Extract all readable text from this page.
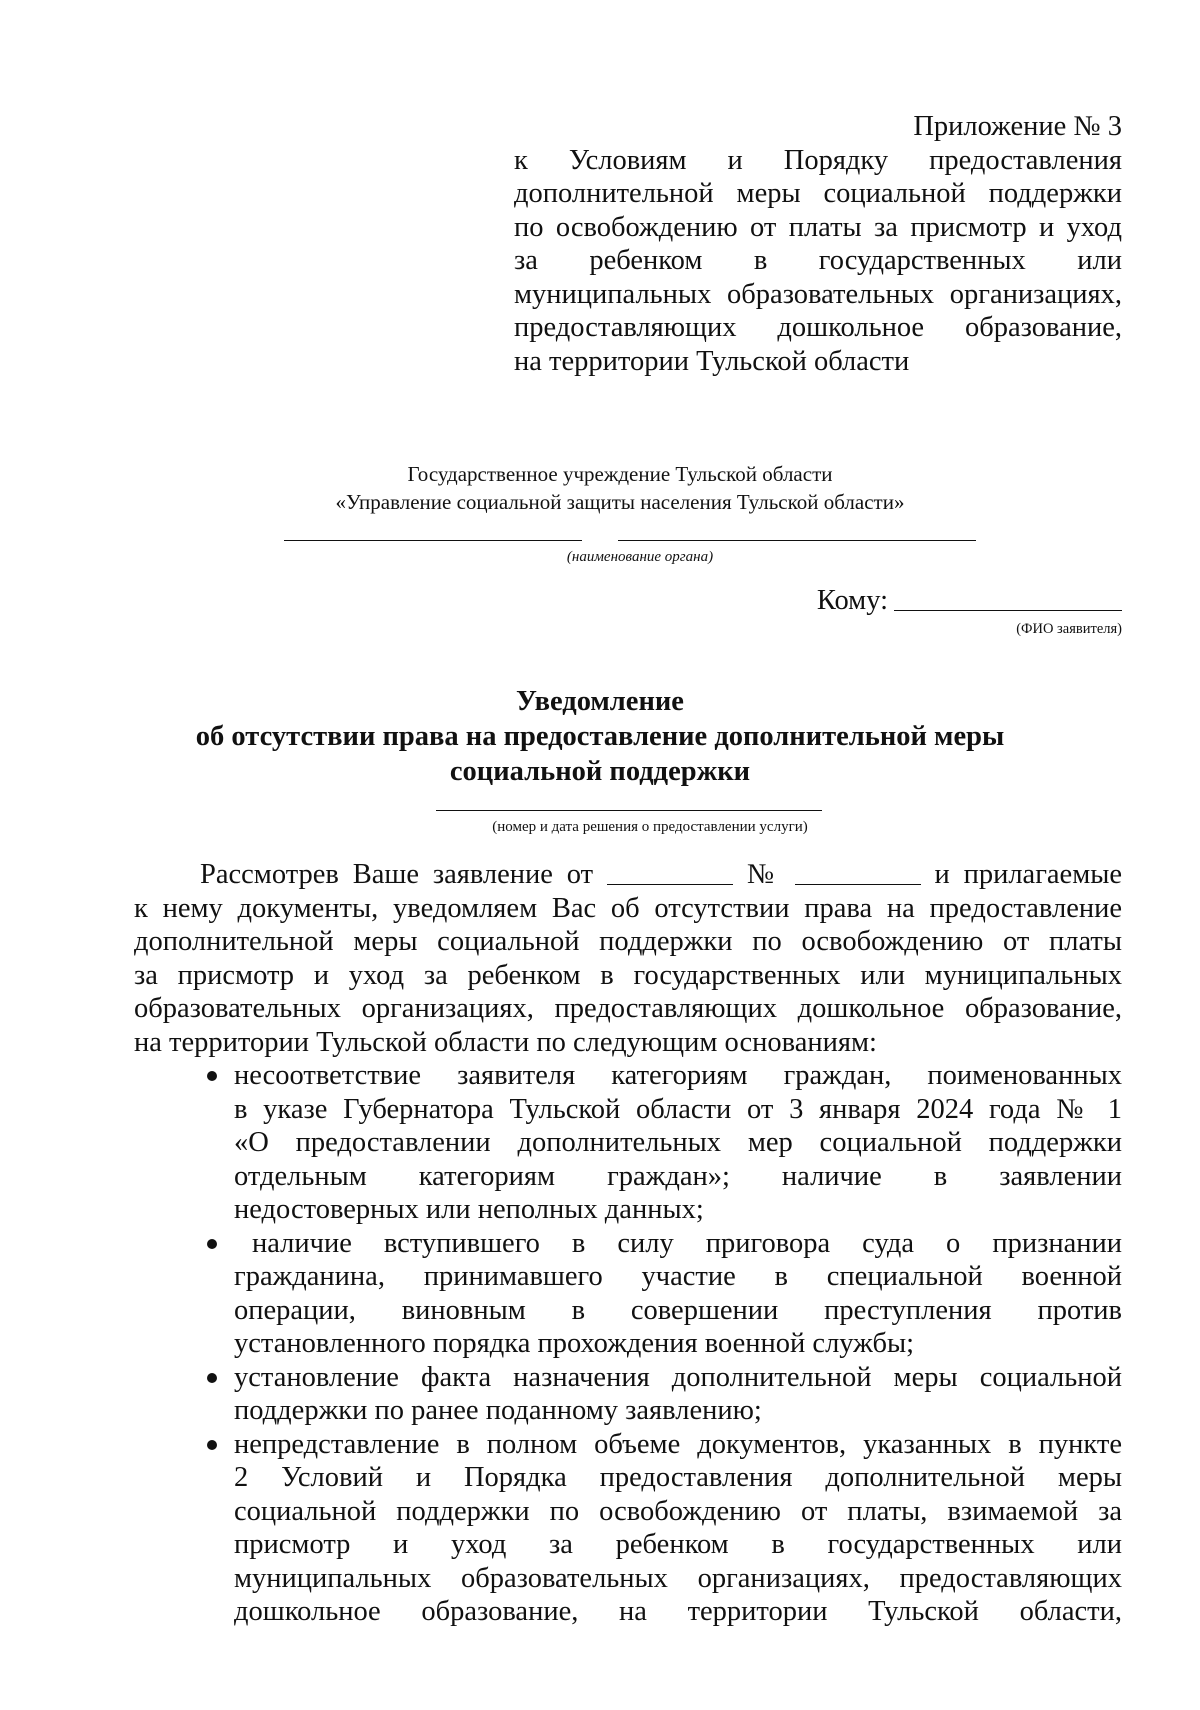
Приложение № 3
к Условиям и Порядку предоставления
дополнительной меры социальной поддержки
по освобождению от платы за присмотр и уход
за ребенком в государственных или
муниципальных образовательных организациях,
предоставляющих дошкольное образование,
на территории Тульской области
Государственное учреждение Тульской области
«Управление социальной защиты населения Тульской области»
(наименование органа)
Кому:
(ФИО заявителя)
Уведомление
об отсутствии права на предоставление дополнительной меры
социальной поддержки
(номер и дата решения о предоставлении услуги)
Рассмотрев Ваше заявление от	№	и прилагаемые
к нему документы, уведомляем Вас об отсутствии права на предоставление
дополнительной меры социальной поддержки по освобождению от платы
за присмотр и уход за ребенком в государственных или муниципальных
образовательных организациях, предоставляющих дошкольное образование,
на территории Тульской области по следующим основаниям:
несоответствие заявителя категориям граждан, поименованных
в указе Губернатора Тульской области от 3 января 2024 года № 1
«О предоставлении дополнительных мер социальной поддержки
отдельным категориям граждан»; наличие в заявлении
недостоверных или неполных данных;
наличие вступившего в силу приговора суда о признании
гражданина, принимавшего участие в специальной военной
операции, виновным в совершении преступления против
установленного порядка прохождения военной службы;
установление факта назначения дополнительной меры социальной
поддержки по ранее поданному заявлению;
непредставление в полном объеме документов, указанных в пункте
2 Условий и Порядка предоставления дополнительной меры
социальной поддержки по освобождению от платы, взимаемой за
присмотр и уход за ребенком в государственных или
муниципальных образовательных организациях, предоставляющих
дошкольное образование, на территории Тульской области,
